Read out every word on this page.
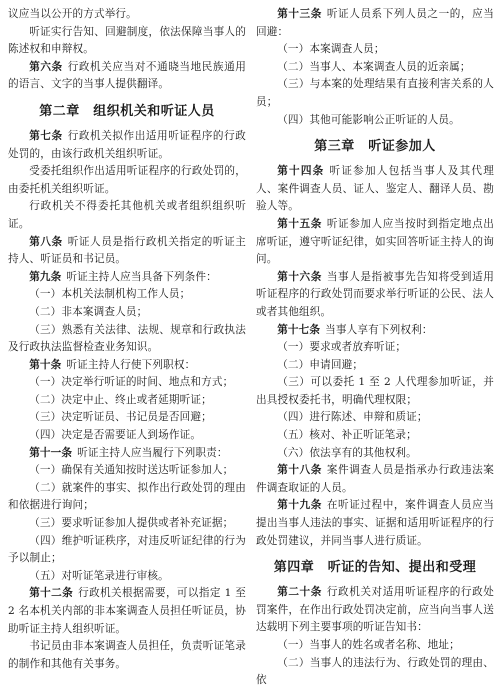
议应当以公开的方式举行。

听证实行告知、回避制度，依法保障当事人的陈述权和申辩权。

第六条 行政机关应当对不通晓当地民族通用的语言、文字的当事人提供翻译。

第二章　组织机关和听证人员

第七条 行政机关拟作出适用听证程序的行政处罚的，由该行政机关组织听证。

受委托组织作出适用听证程序的行政处罚的，由委托机关组织听证。

行政机关不得委托其他机关或者组织组织听证。

第八条 听证人员是指行政机关指定的听证主持人、听证员和书记员。

第九条 听证主持人应当具备下列条件：

（一）本机关法制机构工作人员；

（二）非本案调查人员；

（三）熟悉有关法律、法规、规章和行政执法及行政执法监督检查业务知识。

第十条 听证主持人行使下列职权：

（一）决定举行听证的时间、地点和方式；

（二）决定中止、终止或者延期听证；

（三）决定听证员、书记员是否回避；

（四）决定是否需要证人到场作证。

第十一条 听证主持人应当履行下列职责：

（一）确保有关通知按时送达听证参加人；

（二）就案件的事实、拟作出行政处罚的理由和依据进行询问；

（三）要求听证参加人提供或者补充证据；

（四）维护听证秩序，对违反听证纪律的行为予以制止；

（五）对听证笔录进行审核。

第十二条 行政机关根据需要，可以指定 1 至 2 名本机关内部的非本案调查人员担任听证员，协助听证主持人组织听证。

书记员由非本案调查人员担任，负责听证笔录的制作和其他有关事务。

第十三条 听证人员系下列人员之一的，应当回避：

（一）本案调查人员；

（二）当事人、本案调查人员的近亲属；

（三）与本案的处理结果有直接利害关系的人员；

（四）其他可能影响公正听证的人员。

第三章　听证参加人

第十四条 听证参加人包括当事人及其代理人、案件调查人员、证人、鉴定人、翻译人员、勘验人等。

第十五条 听证参加人应当按时到指定地点出席听证，遵守听证纪律，如实回答听证主持人的询问。

第十六条 当事人是指被事先告知将受到适用听证程序的行政处罚而要求举行听证的公民、法人或者其他组织。

第十七条 当事人享有下列权利：

（一）要求或者放弃听证；

（二）申请回避；

（三）可以委托 1 至 2 人代理参加听证，并出具授权委托书，明确代理权限；

（四）进行陈述、申辩和质证；

（五）核对、补正听证笔录；

（六）依法享有的其他权利。

第十八条 案件调查人员是指承办行政违法案件调查取证的人员。

第十九条 在听证过程中，案件调查人员应当提出当事人违法的事实、证据和适用听证程序的行政处罚建议，并同当事人进行质证。

第四章　听证的告知、提出和受理

第二十条 行政机关对适用听证程序的行政处罚案件，在作出行政处罚决定前，应当向当事人送达载明下列主要事项的听证告知书：

（一）当事人的姓名或者名称、地址；

（二）当事人的违法行为、行政处罚的理由、依
